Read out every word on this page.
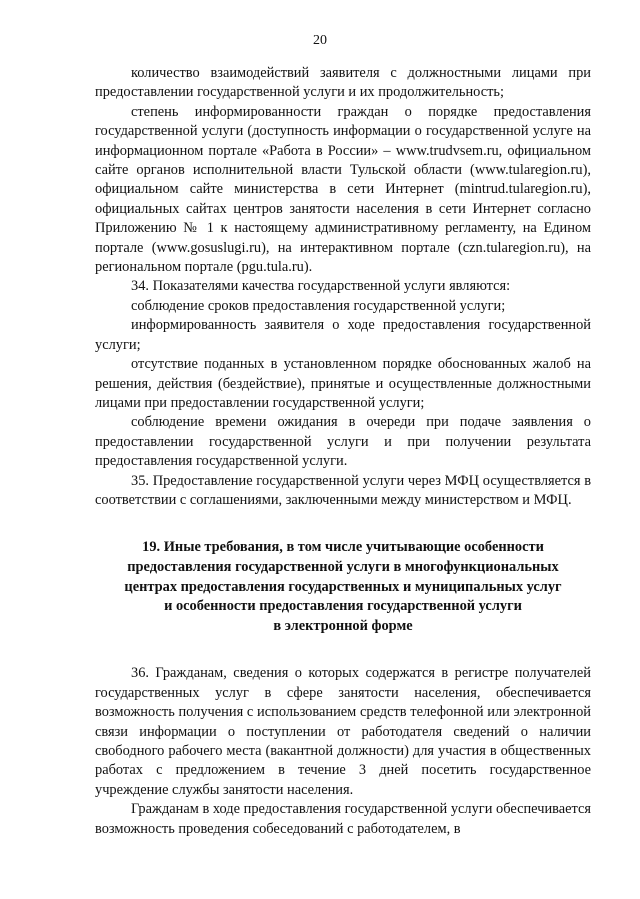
20

количество взаимодействий заявителя с должностными лицами при предоставлении государственной услуги и их продолжительность;

степень информированности граждан о порядке предоставления государственной услуги (доступность информации о государственной услуге на информационном портале «Работа в России» – www.trudvsem.ru, официальном сайте органов исполнительной власти Тульской области (www.tularegion.ru), официальном сайте министерства в сети Интернет (mintrud.tularegion.ru), официальных сайтах центров занятости населения в сети Интернет согласно Приложению № 1 к настоящему административному регламенту, на Едином портале (www.gosuslugi.ru), на интерактивном портале (czn.tularegion.ru), на региональном портале (pgu.tula.ru).

34. Показателями качества государственной услуги являются:

соблюдение сроков предоставления государственной услуги;

информированность заявителя о ходе предоставления государственной услуги;

отсутствие поданных в установленном порядке обоснованных жалоб на решения, действия (бездействие), принятые и осуществленные должностными лицами при предоставлении государственной услуги;

соблюдение времени ожидания в очереди при подаче заявления о предоставлении государственной услуги и при получении результата предоставления государственной услуги.

35. Предоставление государственной услуги через МФЦ осуществляется в соответствии с соглашениями, заключенными между министерством и МФЦ.

19. Иные требования, в том числе учитывающие особенности
предоставления государственной услуги в многофункциональных
центрах предоставления государственных и муниципальных услуг
и особенности предоставления государственной услуги
в электронной форме

36. Гражданам, сведения о которых содержатся в регистре получателей государственных услуг в сфере занятости населения, обеспечивается возможность получения с использованием средств телефонной или электронной связи информации о поступлении от работодателя сведений о наличии свободного рабочего места (вакантной должности) для участия в общественных работах с предложением в течение 3 дней посетить государственное учреждение службы занятости населения.

Гражданам в ходе предоставления государственной услуги обеспечивается возможность проведения собеседований с работодателем, в
